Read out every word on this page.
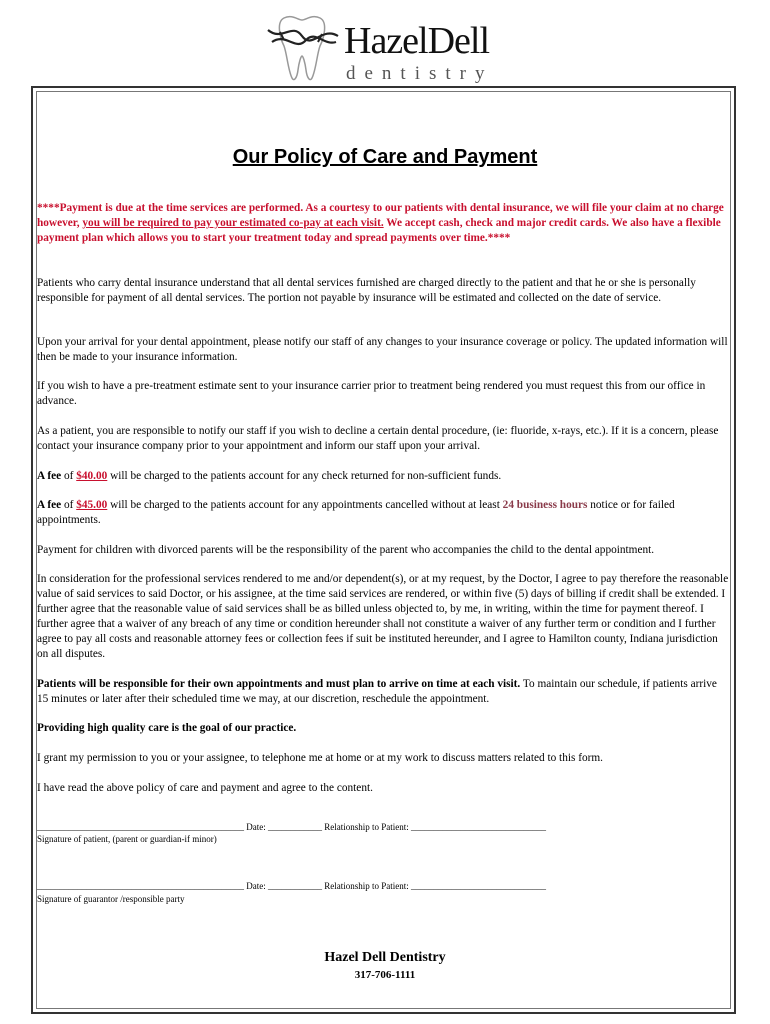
HazelDell
dentistry
Our Policy of Care and Payment

****Payment is due at the time services are performed. As a courtesy to our patients with dental insurance, we will file your claim at no charge however, you will be required to pay your estimated co-pay at each visit. We accept cash, check and major credit cards. We also have a flexible payment plan which allows you to start your treatment today and spread payments over time.****

Patients who carry dental insurance understand that all dental services furnished are charged directly to the patient and that he or she is personally responsible for payment of all dental services. The portion not payable by insurance will be estimated and collected on the date of service.

Upon your arrival for your dental appointment, please notify our staff of any changes to your insurance coverage or policy. The updated information will then be made to your insurance information.

If you wish to have a pre-treatment estimate sent to your insurance carrier prior to treatment being rendered you must request this from our office in advance.

As a patient, you are responsible to notify our staff if you wish to decline a certain dental procedure, (ie: fluoride, x-rays, etc.). If it is a concern, please contact your insurance company prior to your appointment and inform our staff upon your arrival.

A fee of $40.00 will be charged to the patients account for any check returned for non-sufficient funds.

A fee of $45.00 will be charged to the patients account for any appointments cancelled without at least 24 business hours notice or for failed appointments.

Payment for children with divorced parents will be the responsibility of the parent who accompanies the child to the dental appointment.

In consideration for the professional services rendered to me and/or dependent(s), or at my request, by the Doctor, I agree to pay therefore the reasonable value of said services to said Doctor, or his assignee, at the time said services are rendered, or within five (5) days of billing if credit shall be extended. I further agree that the reasonable value of said services shall be as billed unless objected to, by me, in writing, within the time for payment thereof. I further agree that a waiver of any breach of any time or condition hereunder shall not constitute a waiver of any further term or condition and I further agree to pay all costs and reasonable attorney fees or collection fees if suit be instituted hereunder, and I agree to Hamilton county, Indiana jurisdiction on all disputes.

Patients will be responsible for their own appointments and must plan to arrive on time at each visit. To maintain our schedule, if patients arrive 15 minutes or later after their scheduled time we may, at our discretion, reschedule the appointment.

Providing high quality care is the goal of our practice.

I grant my permission to you or your assignee, to telephone me at home or at my work to discuss matters related to this form.

I have read the above policy of care and payment and agree to the content.

______________________________________________ Date: ____________ Relationship to Patient: ______________________________
Signature of patient, (parent or guardian-if minor)
______________________________________________ Date: ____________ Relationship to Patient: ______________________________
Signature of guarantor /responsible party
Hazel Dell Dentistry
317-706-1111
